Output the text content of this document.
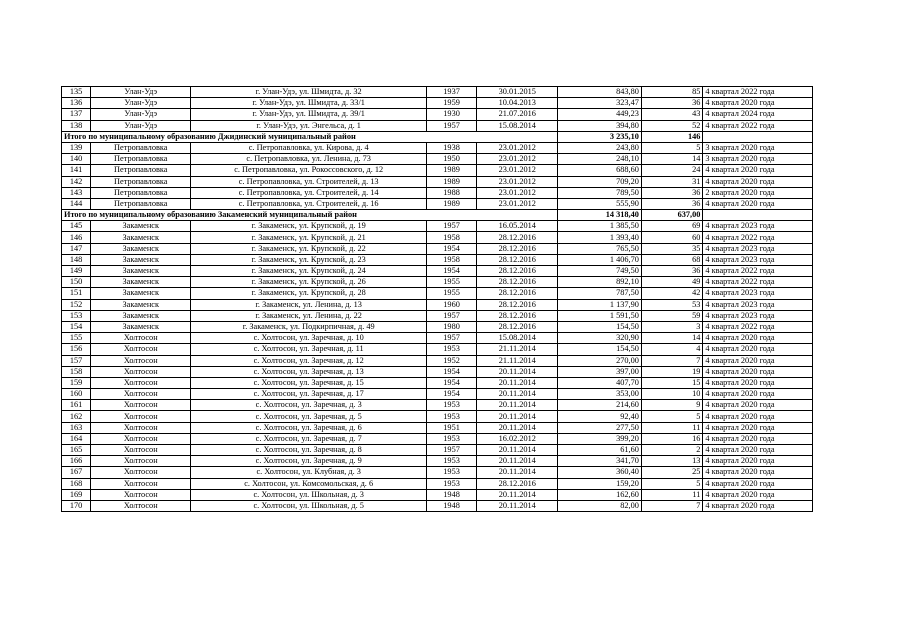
135	Улан-Удэ	г. Улан-Удэ, ул. Шмидта, д. 32	1937	30.01.2015	843,80	85	4 квартал 2022 года
136	Улан-Удэ	г. Улан-Удэ, ул. Шмидта, д. 33/1	1959	10.04.2013	323,47	36	4 квартал 2020 года
137	Улан-Удэ	г. Улан-Удэ, ул. Шмидта, д. 39/1	1930	21.07.2016	449,23	43	4 квартал 2024 года
138	Улан-Удэ	г. Улан-Удэ, ул. Энгельса, д. 1	1957	15.08.2014	394,80	52	4 квартал 2022 года
Итого по муниципальному образованию Джидинский муниципальный район					3 235,10	146	
139	Петропавловка	с. Петропавловка, ул. Кирова, д. 4	1938	23.01.2012	243,80	5	3 квартал 2020 года
140	Петропавловка	с. Петропавловка, ул. Ленина, д. 73	1950	23.01.2012	248,10	14	3 квартал 2020 года
141	Петропавловка	с. Петропавловка, ул. Рокоссовского, д. 12	1989	23.01.2012	688,60	24	4 квартал 2020 года
142	Петропавловка	с. Петропавловка, ул. Строителей, д. 13	1989	23.01.2012	709,20	31	4 квартал 2020 года
143	Петропавловка	с. Петропавловка, ул. Строителей, д. 14	1988	23.01.2012	789,50	36	2 квартал 2020 года
144	Петропавловка	с. Петропавловка, ул. Строителей, д. 16	1989	23.01.2012	555,90	36	4 квартал 2020 года
Итого по муниципальному образованию Закаменский муниципальный район					14 318,40	637,00	
145	Закаменск	г. Закаменск, ул. Крупской, д. 19	1957	16.05.2014	1 385,50	69	4 квартал 2023 года
146	Закаменск	г. Закаменск, ул. Крупской, д. 21	1958	28.12.2016	1 393,40	60	4 квартал 2022 года
147	Закаменск	г. Закаменск, ул. Крупской, д. 22	1954	28.12.2016	765,50	35	4 квартал 2023 года
148	Закаменск	г. Закаменск, ул. Крупской, д. 23	1958	28.12.2016	1 406,70	68	4 квартал 2023 года
149	Закаменск	г. Закаменск, ул. Крупской, д. 24	1954	28.12.2016	749,50	36	4 квартал 2022 года
150	Закаменск	г. Закаменск, ул. Крупской, д. 26	1955	28.12.2016	892,10	49	4 квартал 2022 года
151	Закаменск	г. Закаменск, ул. Крупской, д. 28	1955	28.12.2016	787,50	42	4 квартал 2023 года
152	Закаменск	г. Закаменск, ул. Ленина, д. 13	1960	28.12.2016	1 137,90	53	4 квартал 2023 года
153	Закаменск	г. Закаменск, ул. Ленина, д. 22	1957	28.12.2016	1 591,50	59	4 квартал 2023 года
154	Закаменск	г. Закаменск, ул. Подкирпичная, д. 49	1980	28.12.2016	154,50	3	4 квартал 2022 года
155	Холтосон	с. Холтосон, ул. Заречная, д. 10	1957	15.08.2014	320,90	14	4 квартал 2020 года
156	Холтосон	с. Холтосон, ул. Заречная, д. 11	1953	21.11.2014	154,50	4	4 квартал 2020 года
157	Холтосон	с. Холтосон, ул. Заречная, д. 12	1952	21.11.2014	270,00	7	4 квартал 2020 года
158	Холтосон	с. Холтосон, ул. Заречная, д. 13	1954	20.11.2014	397,00	19	4 квартал 2020 года
159	Холтосон	с. Холтосон, ул. Заречная, д. 15	1954	20.11.2014	407,70	15	4 квартал 2020 года
160	Холтосон	с. Холтосон, ул. Заречная, д. 17	1954	20.11.2014	353,00	10	4 квартал 2020 года
161	Холтосон	с. Холтосон, ул. Заречная, д. 3	1953	20.11.2014	214,60	9	4 квартал 2020 года
162	Холтосон	с. Холтосон, ул. Заречная, д. 5	1953	20.11.2014	92,40	5	4 квартал 2020 года
163	Холтосон	с. Холтосон, ул. Заречная, д. 6	1951	20.11.2014	277,50	11	4 квартал 2020 года
164	Холтосон	с. Холтосон, ул. Заречная, д. 7	1953	16.02.2012	399,20	16	4 квартал 2020 года
165	Холтосон	с. Холтосон, ул. Заречная, д. 8	1957	20.11.2014	61,60	2	4 квартал 2020 года
166	Холтосон	с. Холтосон, ул. Заречная, д. 9	1953	20.11.2014	341,70	13	4 квартал 2020 года
167	Холтосон	с. Холтосон, ул. Клубная, д. 3	1953	20.11.2014	360,40	25	4 квартал 2020 года
168	Холтосон	с. Холтосон, ул. Комсомольская, д. 6	1953	28.12.2016	159,20	5	4 квартал 2020 года
169	Холтосон	с. Холтосон, ул. Школьная, д. 3	1948	20.11.2014	162,60	11	4 квартал 2020 года
170	Холтосон	с. Холтосон, ул. Школьная, д. 5	1948	20.11.2014	82,00	7	4 квартал 2020 года
